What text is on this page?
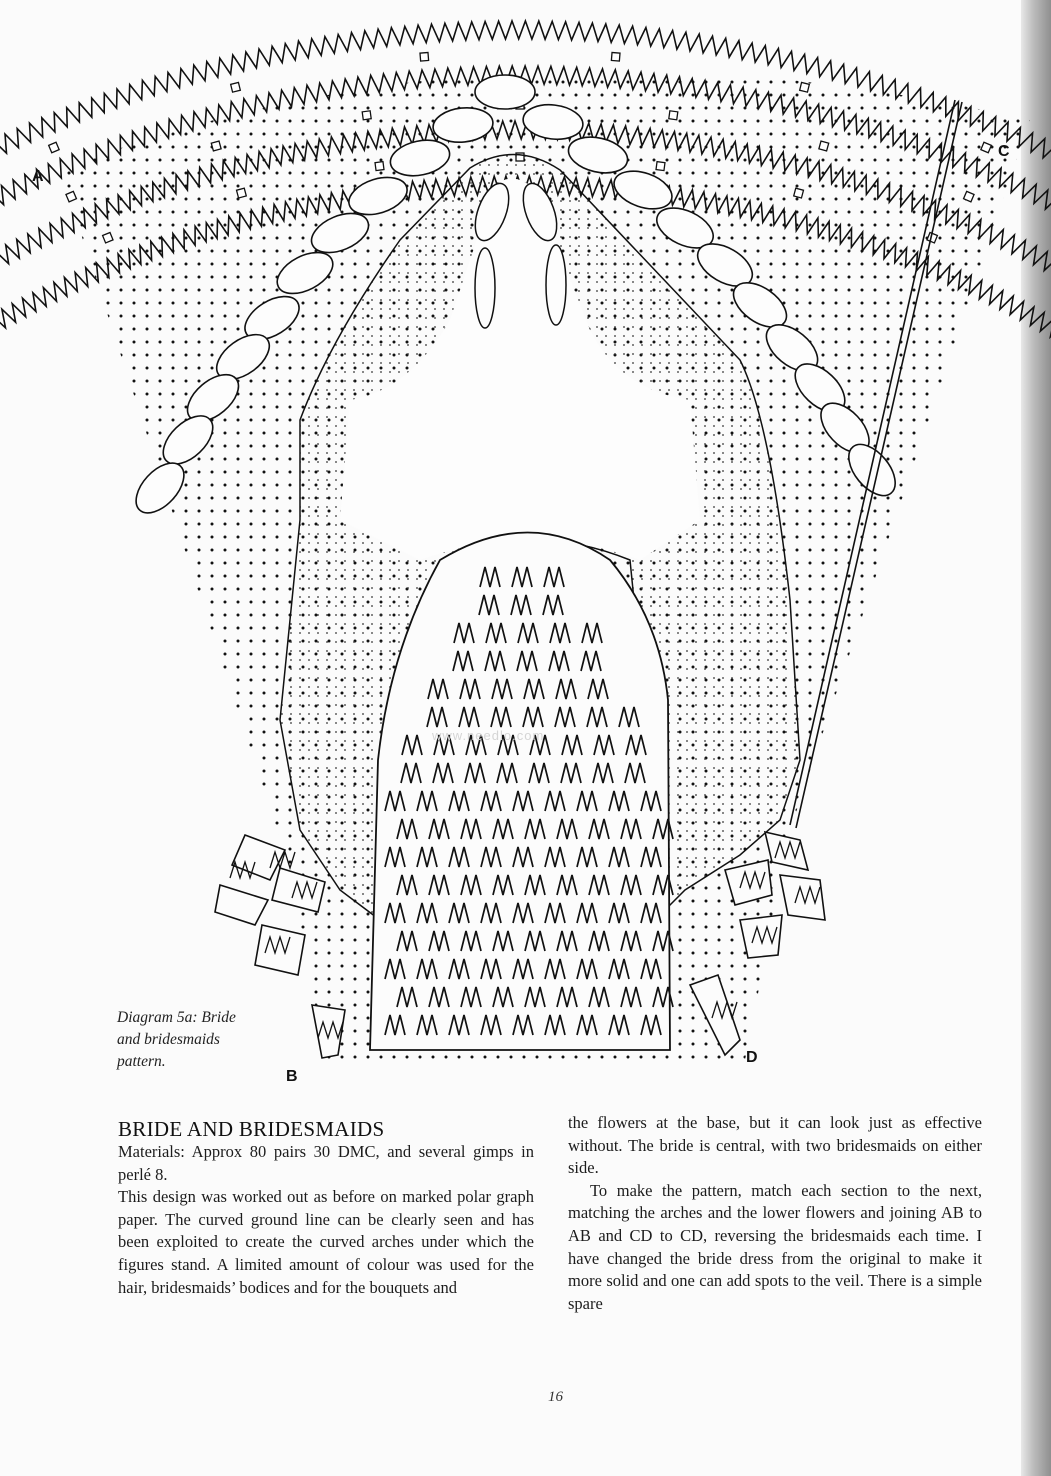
A
B
C
D
www.needlo.com
Diagram 5a: Bride
and bridesmaids
pattern.
BRIDE AND BRIDESMAIDS

Materials: Approx 80 pairs 30 DMC, and several gimps in perlé 8.

This design was worked out as before on marked polar graph paper. The curved ground line can be clearly seen and has been exploited to create the curved arches under which the figures stand. A limited amount of colour was used for the hair, bridesmaids’ bodices and for the bouquets and

the flowers at the base, but it can look just as effective without. The bride is central, with two bridesmaids on either side.

To make the pattern, match each section to the next, matching the arches and the lower flowers and joining AB to AB and CD to CD, reversing the bridesmaids each time. I have changed the bride dress from the original to make it more solid and one can add spots to the veil. There is a simple spare

16
